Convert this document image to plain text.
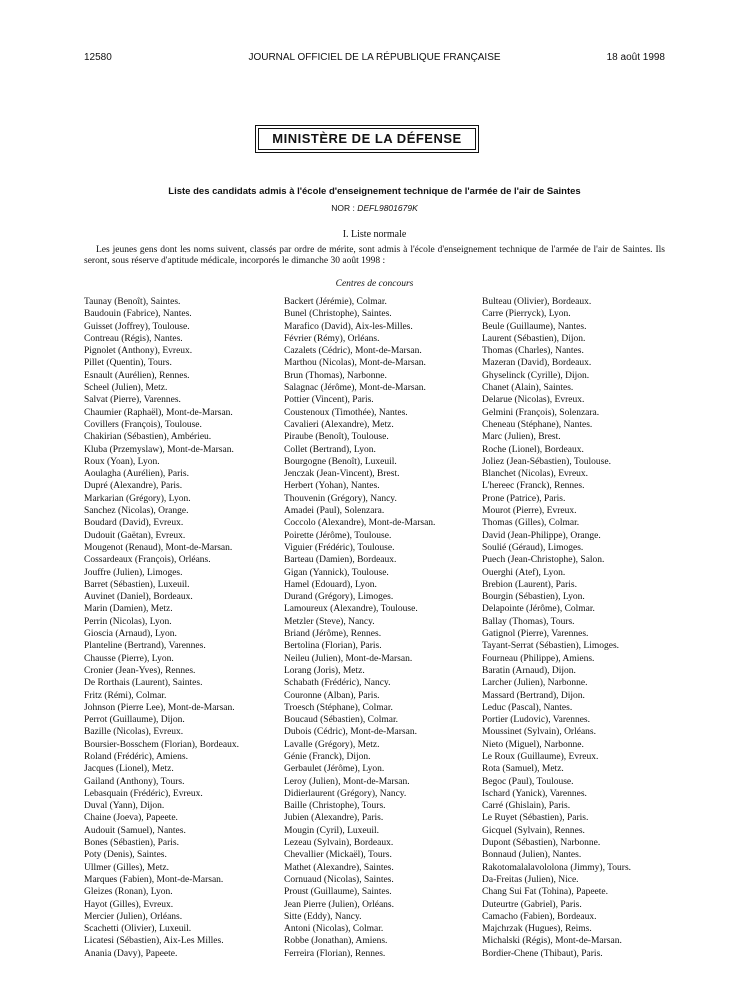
12580	JOURNAL OFFICIEL DE LA RÉPUBLIQUE FRANÇAISE	18 août 1998
MINISTÈRE DE LA DÉFENSE
Liste des candidats admis à l'école d'enseignement technique de l'armée de l'air de Saintes
NOR : DEFL9801679K
I. Liste normale

Les jeunes gens dont les noms suivent, classés par ordre de mérite, sont admis à l'école d'enseignement technique de l'armée de l'air de Saintes. Ils seront, sous réserve d'aptitude médicale, incorporés le dimanche 30 août 1998 :

Centres de concours
Taunay (Benoît), Saintes.
Baudouin (Fabrice), Nantes.
Guisset (Joffrey), Toulouse.
Contreau (Régis), Nantes.
Pignolet (Anthony), Evreux.
Pillet (Quentin), Tours.
Esnault (Aurélien), Rennes.
Scheel (Julien), Metz.
Salvat (Pierre), Varennes.
Chaumier (Raphaël), Mont-de-Marsan.
Covillers (François), Toulouse.
Chakirian (Sébastien), Ambérieu.
Kluba (Przemyslaw), Mont-de-Marsan.
Roux (Yoan), Lyon.
Aoulagha (Aurélien), Paris.
Dupré (Alexandre), Paris.
Markarian (Grégory), Lyon.
Sanchez (Nicolas), Orange.
Boudard (David), Evreux.
Dudouit (Gaëtan), Evreux.
Mougenot (Renaud), Mont-de-Marsan.
Cossardeaux (François), Orléans.
Jouffre (Julien), Limoges.
Barret (Sébastien), Luxeuil.
Auvinet (Daniel), Bordeaux.
Marin (Damien), Metz.
Perrin (Nicolas), Lyon.
Gioscia (Arnaud), Lyon.
Planteline (Bertrand), Varennes.
Chausse (Pierre), Lyon.
Cronier (Jean-Yves), Rennes.
De Rorthais (Laurent), Saintes.
Fritz (Rémi), Colmar.
Johnson (Pierre Lee), Mont-de-Marsan.
Perrot (Guillaume), Dijon.
Bazille (Nicolas), Evreux.
Boursier-Bosschem (Florian), Bordeaux.
Roland (Frédéric), Amiens.
Jacques (Lionel), Metz.
Gailand (Anthony), Tours.
Lebasquain (Frédéric), Evreux.
Duval (Yann), Dijon.
Chaine (Joeva), Papeete.
Audouit (Samuel), Nantes.
Bones (Sébastien), Paris.
Poty (Denis), Saintes.
Ullmer (Gilles), Metz.
Marques (Fabien), Mont-de-Marsan.
Gleizes (Ronan), Lyon.
Hayot (Gilles), Evreux.
Mercier (Julien), Orléans.
Scachetti (Olivier), Luxeuil.
Licatesi (Sébastien), Aix-Les Milles.
Anania (Davy), Papeete.
Backert (Jérémie), Colmar.
Bunel (Christophe), Saintes.
Marafico (David), Aix-les-Milles.
Février (Rémy), Orléans.
Cazalets (Cédric), Mont-de-Marsan.
Marthou (Nicolas), Mont-de-Marsan.
Brun (Thomas), Narbonne.
Salagnac (Jérôme), Mont-de-Marsan.
Pottier (Vincent), Paris.
Coustenoux (Timothée), Nantes.
Cavalieri (Alexandre), Metz.
Piraube (Benoît), Toulouse.
Collet (Bertrand), Lyon.
Bourgogne (Benoît), Luxeuil.
Jenczak (Jean-Vincent), Brest.
Herbert (Yohan), Nantes.
Thouvenin (Grégory), Nancy.
Amadei (Paul), Solenzara.
Coccolo (Alexandre), Mont-de-Marsan.
Poirette (Jérôme), Toulouse.
Viguier (Frédéric), Toulouse.
Barteau (Damien), Bordeaux.
Gigan (Yannick), Toulouse.
Hamel (Edouard), Lyon.
Durand (Grégory), Limoges.
Lamoureux (Alexandre), Toulouse.
Metzler (Steve), Nancy.
Briand (Jérôme), Rennes.
Bertolina (Florian), Paris.
Neileu (Julien), Mont-de-Marsan.
Lorang (Joris), Metz.
Schabath (Frédéric), Nancy.
Couronne (Alban), Paris.
Troesch (Stéphane), Colmar.
Boucaud (Sébastien), Colmar.
Dubois (Cédric), Mont-de-Marsan.
Lavalle (Grégory), Metz.
Génie (Franck), Dijon.
Gerbaulet (Jérôme), Lyon.
Leroy (Julien), Mont-de-Marsan.
Didierlaurent (Grégory), Nancy.
Baille (Christophe), Tours.
Jubien (Alexandre), Paris.
Mougin (Cyril), Luxeuil.
Lezeau (Sylvain), Bordeaux.
Chevallier (Mickaël), Tours.
Mathet (Alexandre), Saintes.
Cornuaud (Nicolas), Saintes.
Proust (Guillaume), Saintes.
Jean Pierre (Julien), Orléans.
Sitte (Eddy), Nancy.
Antoni (Nicolas), Colmar.
Robbe (Jonathan), Amiens.
Ferreira (Florian), Rennes.
Bulteau (Olivier), Bordeaux.
Carre (Pierryck), Lyon.
Beule (Guillaume), Nantes.
Laurent (Sébastien), Dijon.
Thomas (Charles), Nantes.
Mazeran (David), Bordeaux.
Ghyselinck (Cyrille), Dijon.
Chanet (Alain), Saintes.
Delarue (Nicolas), Evreux.
Gelmini (François), Solenzara.
Cheneau (Stéphane), Nantes.
Marc (Julien), Brest.
Roche (Lionel), Bordeaux.
Joliez (Jean-Sébastien), Toulouse.
Blanchet (Nicolas), Evreux.
L'hereec (Franck), Rennes.
Prone (Patrice), Paris.
Mourot (Pierre), Evreux.
Thomas (Gilles), Colmar.
David (Jean-Philippe), Orange.
Soulié (Géraud), Limoges.
Puech (Jean-Christophe), Salon.
Ouerghi (Atef), Lyon.
Brebion (Laurent), Paris.
Bourgin (Sébastien), Lyon.
Delapointe (Jérôme), Colmar.
Ballay (Thomas), Tours.
Gatignol (Pierre), Varennes.
Tayant-Serrat (Sébastien), Limoges.
Fourneau (Philippe), Amiens.
Baratin (Arnaud), Dijon.
Larcher (Julien), Narbonne.
Massard (Bertrand), Dijon.
Leduc (Pascal), Nantes.
Portier (Ludovic), Varennes.
Moussinet (Sylvain), Orléans.
Nieto (Miguel), Narbonne.
Le Roux (Guillaume), Evreux.
Rota (Samuel), Metz.
Begoc (Paul), Toulouse.
Ischard (Yanick), Varennes.
Carré (Ghislain), Paris.
Le Ruyet (Sébastien), Paris.
Gicquel (Sylvain), Rennes.
Dupont (Sébastien), Narbonne.
Bonnaud (Julien), Nantes.
Rakotomalalavololona (Jimmy), Tours.
Da-Freitas (Julien), Nice.
Chang Sui Fat (Tohina), Papeete.
Duteurtre (Gabriel), Paris.
Camacho (Fabien), Bordeaux.
Majchrzak (Hugues), Reims.
Michalski (Régis), Mont-de-Marsan.
Bordier-Chene (Thibaut), Paris.
